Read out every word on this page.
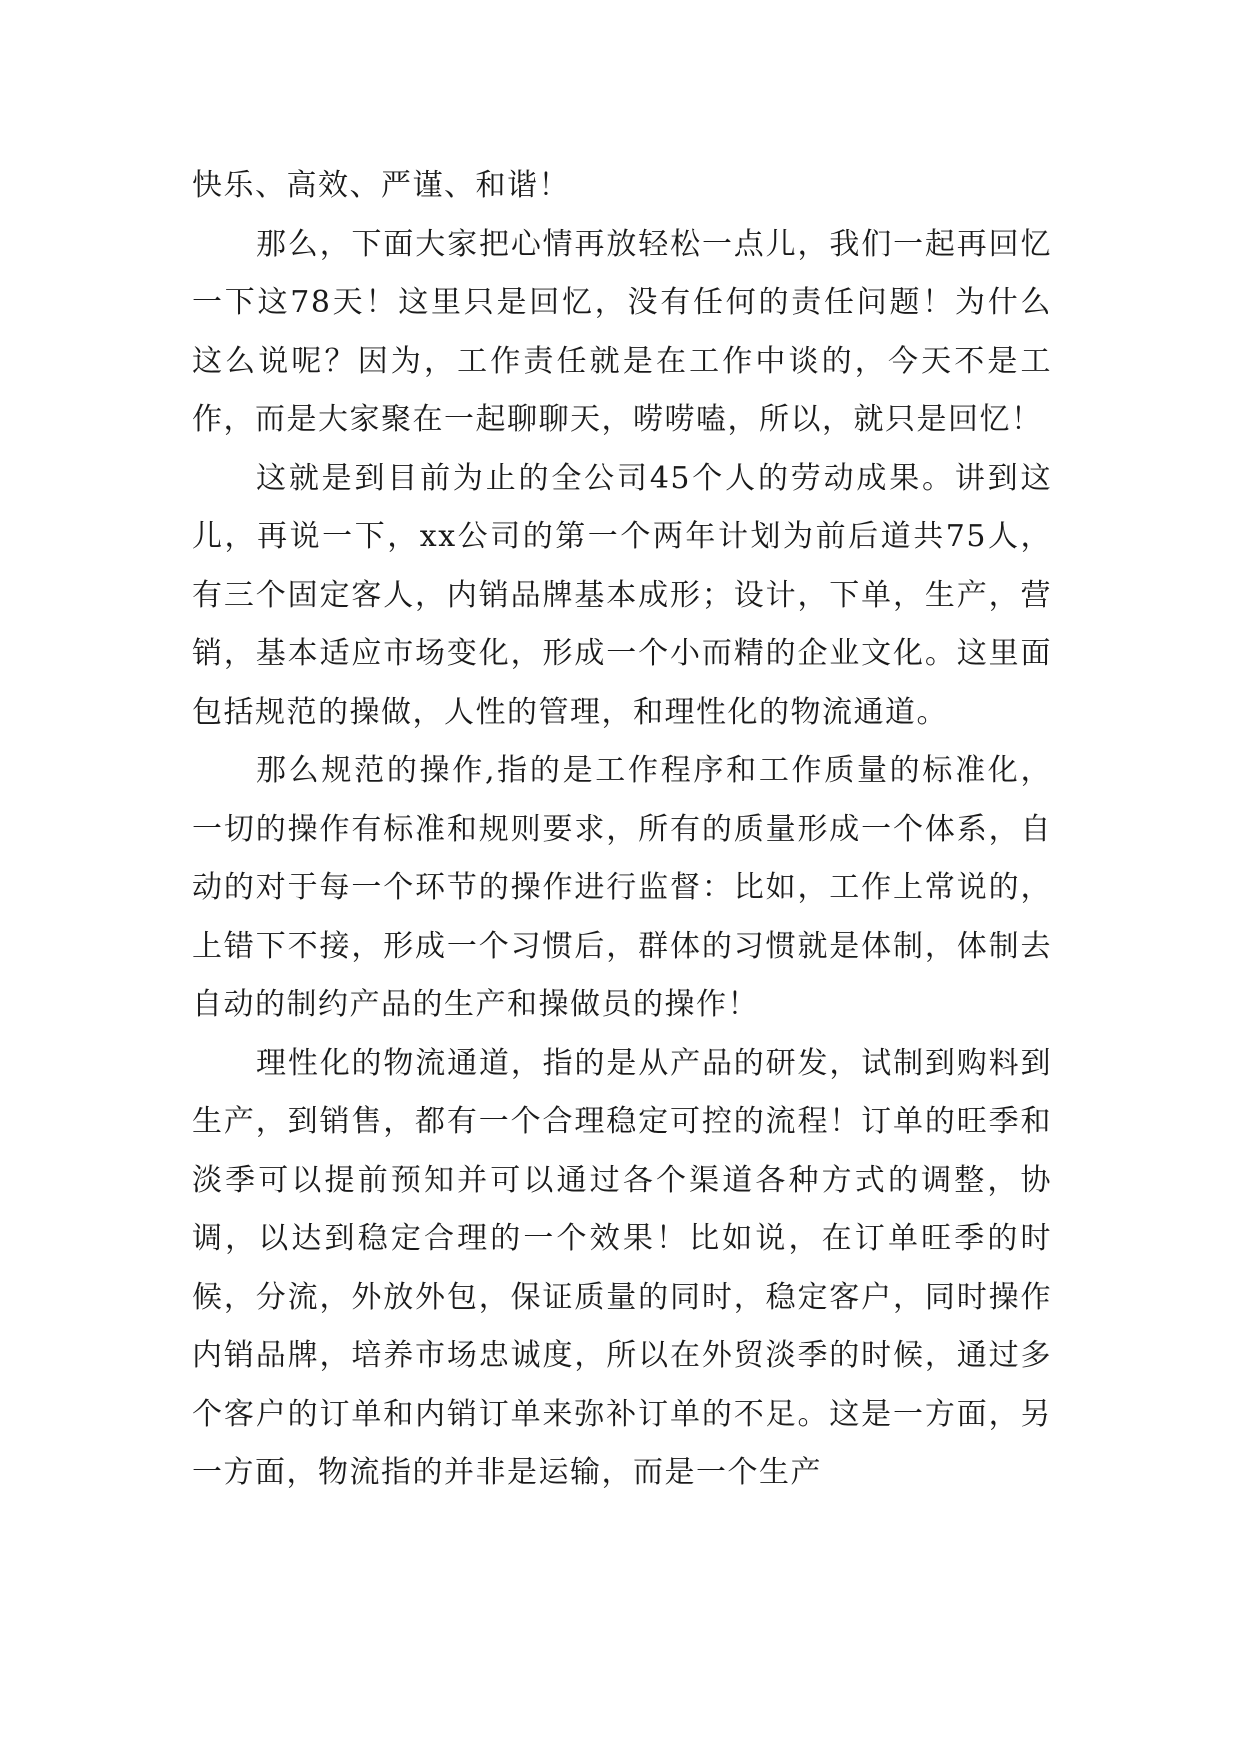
快乐、高效、严谨、和谐！

那么，下面大家把心情再放轻松一点儿，我们一起再回忆一下这78天！这里只是回忆，没有任何的责任问题！为什么这么说呢？因为，工作责任就是在工作中谈的，今天不是工作，而是大家聚在一起聊聊天，唠唠嗑，所以，就只是回忆！

这就是到目前为止的全公司45个人的劳动成果。讲到这儿，再说一下，xx公司的第一个两年计划为前后道共75人，有三个固定客人，内销品牌基本成形；设计，下单，生产，营销，基本适应市场变化，形成一个小而精的企业文化。这里面包括规范的操做，人性的管理，和理性化的物流通道。

那么规范的操作,指的是工作程序和工作质量的标准化，一切的操作有标准和规则要求，所有的质量形成一个体系，自动的对于每一个环节的操作进行监督：比如，工作上常说的，上错下不接，形成一个习惯后，群体的习惯就是体制，体制去自动的制约产品的生产和操做员的操作！

理性化的物流通道，指的是从产品的研发，试制到购料到生产，到销售，都有一个合理稳定可控的流程！订单的旺季和淡季可以提前预知并可以通过各个渠道各种方式的调整，协调，以达到稳定合理的一个效果！比如说，在订单旺季的时候，分流，外放外包，保证质量的同时，稳定客户，同时操作内销品牌，培养市场忠诚度，所以在外贸淡季的时候，通过多个客户的订单和内销订单来弥补订单的不足。这是一方面，另一方面，物流指的并非是运输，而是一个生产
